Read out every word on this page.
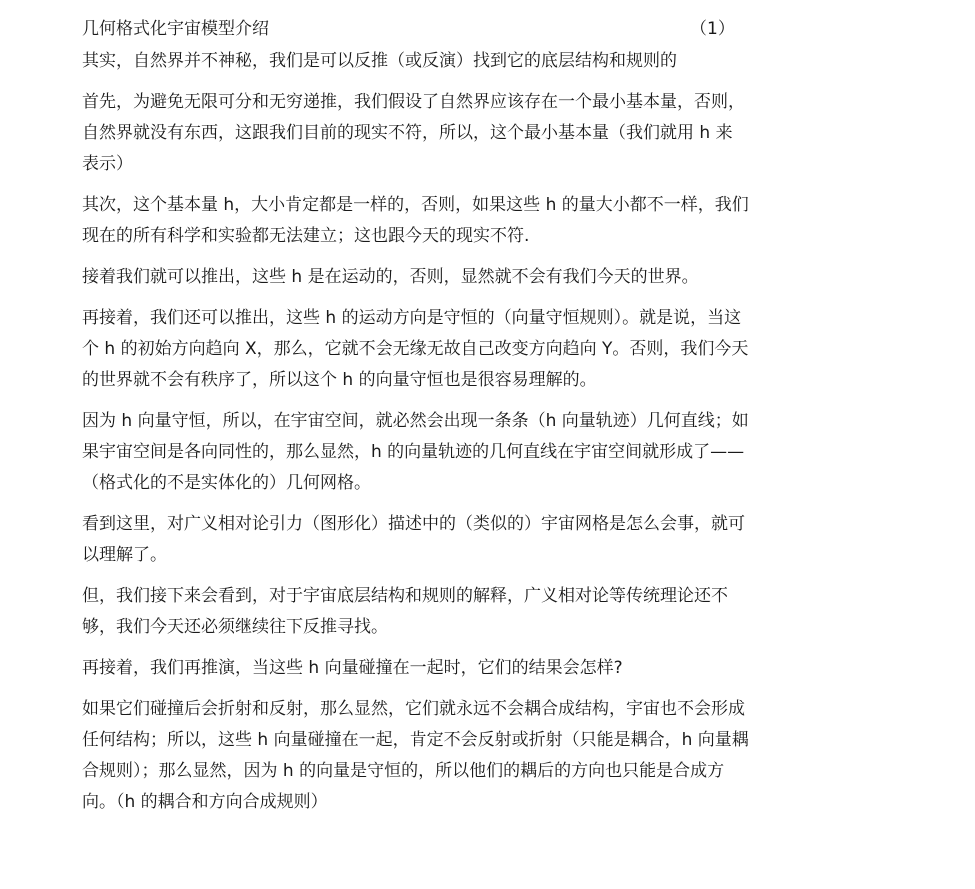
几何格式化宇宙模型介绍	（1）
其实，自然界并不神秘，我们是可以反推（或反演）找到它的底层结构和规则的
首先，为避免无限可分和无穷递推，我们假设了自然界应该存在一个最小基本量，否则，
自然界就没有东西，这跟我们目前的现实不符，所以，这个最小基本量（我们就用 h 来
表示）
其次，这个基本量 h，大小肯定都是一样的，否则，如果这些 h 的量大小都不一样，我们
现在的所有科学和实验都无法建立；这也跟今天的现实不符.
接着我们就可以推出，这些 h 是在运动的，否则，显然就不会有我们今天的世界。
再接着，我们还可以推出，这些 h 的运动方向是守恒的（向量守恒规则）。就是说，当这
个 h 的初始方向趋向 X，那么，它就不会无缘无故自己改变方向趋向 Y。否则，我们今天
的世界就不会有秩序了，所以这个 h 的向量守恒也是很容易理解的。
因为 h 向量守恒，所以，在宇宙空间，就必然会出现一条条（h 向量轨迹）几何直线；如
果宇宙空间是各向同性的，那么显然，h 的向量轨迹的几何直线在宇宙空间就形成了——
（格式化的不是实体化的）几何网格。
看到这里，对广义相对论引力（图形化）描述中的（类似的）宇宙网格是怎么会事，就可
以理解了。
但，我们接下来会看到，对于宇宙底层结构和规则的解释，广义相对论等传统理论还不
够，我们今天还必须继续往下反推寻找。
再接着，我们再推演，当这些 h 向量碰撞在一起时，它们的结果会怎样?
如果它们碰撞后会折射和反射，那么显然，它们就永远不会耦合成结构，宇宙也不会形成
任何结构；所以，这些 h 向量碰撞在一起，肯定不会反射或折射（只能是耦合，h 向量耦
合规则）；那么显然，因为 h 的向量是守恒的，所以他们的耦后的方向也只能是合成方
向。（h 的耦合和方向合成规则）
